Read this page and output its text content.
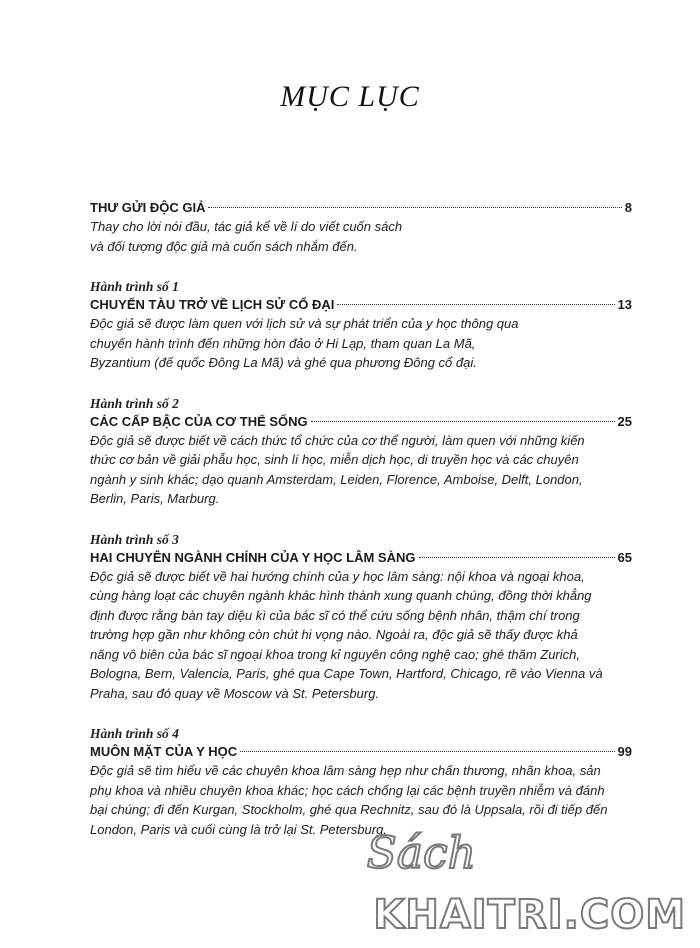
MỤC LỤC
THƯ GỬI ĐỘC GIẢ	8
Thay cho lời nói đầu, tác giả kể về lí do viết cuốn sách
và đối tượng độc giả mà cuốn sách nhắm đến.
Hành trình số 1
CHUYẾN TÀU TRỞ VỀ LỊCH SỬ CỔ ĐẠI	13
Độc giả sẽ được làm quen với lịch sử và sự phát triển của y học thông qua
chuyến hành trình đến những hòn đảo ở Hi Lạp, tham quan La Mã,
Byzantium (đế quốc Đông La Mã) và ghé qua phương Đông cổ đại.
Hành trình số 2
CÁC CẤP BẬC CỦA CƠ THỂ SỐNG	25
Độc giả sẽ được biết về cách thức tổ chức của cơ thể người, làm quen với những kiến
thức cơ bản về giải phẫu học, sinh lí học, miễn dịch học, di truyền học và các chuyên
ngành y sinh khác; dạo quanh Amsterdam, Leiden, Florence, Amboise, Delft, London,
Berlin, Paris, Marburg.
Hành trình số 3
HAI CHUYÊN NGÀNH CHÍNH CỦA Y HỌC LÂM SÀNG	65
Độc giả sẽ được biết về hai hướng chính của y học lâm sàng: nội khoa và ngoại khoa,
cùng hàng loạt các chuyên ngành khác hình thành xung quanh chúng, đồng thời khẳng
định được rằng bàn tay diệu kì của bác sĩ có thể cứu sống bệnh nhân, thậm chí trong
trường hợp gần như không còn chút hi vọng nào. Ngoài ra, độc giả sẽ thấy được khả
năng vô biên của bác sĩ ngoại khoa trong kỉ nguyên công nghệ cao; ghé thăm Zurich,
Bologna, Bern, Valencia, Paris, ghé qua Cape Town, Hartford, Chicago, rẽ vào Vienna và
Praha, sau đó quay về Moscow và St. Petersburg.
Hành trình số 4
MUÔN MẶT CỦA Y HỌC	99
Độc giả sẽ tìm hiểu về các chuyên khoa lâm sàng hẹp như chấn thương, nhãn khoa, sản
phụ khoa và nhiều chuyên khoa khác; học cách chống lại các bệnh truyền nhiễm và đánh
bại chúng; đi đến Kurgan, Stockholm, ghé qua Rechnitz, sau đó là Uppsala, rồi đi tiếp đến
London, Paris và cuối cùng là trở lại St. Petersburg.
Sách
KHAITRI.COM
